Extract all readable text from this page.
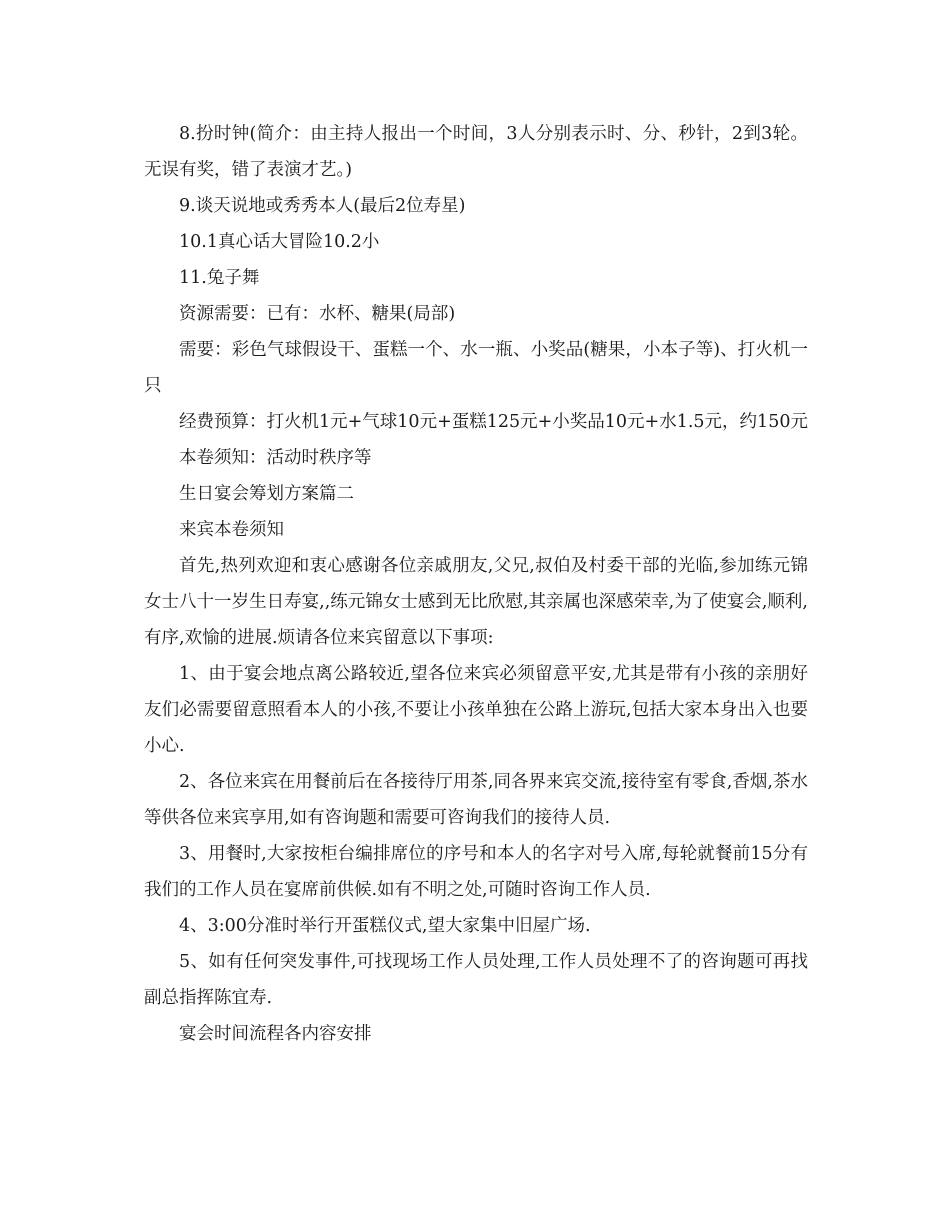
8.扮时钟(简介：由主持人报出一个时间，3人分别表示时、分、秒针，2到3轮。无误有奖，错了表演才艺。)

9.谈天说地或秀秀本人(最后2位寿星)

10.1真心话大冒险10.2小

11.兔子舞

资源需要：已有：水杯、糖果(局部)

需要：彩色气球假设干、蛋糕一个、水一瓶、小奖品(糖果，小本子等)、打火机一只

经费预算：打火机1元+气球10元+蛋糕125元+小奖品10元+水1.5元，约150元

本卷须知：活动时秩序等

生日宴会筹划方案篇二

来宾本卷须知

首先,热列欢迎和衷心感谢各位亲戚朋友,父兄,叔伯及村委干部的光临,参加练元锦女士八十一岁生日寿宴,,练元锦女士感到无比欣慰,其亲属也深感荣幸,为了使宴会,顺利,有序,欢愉的进展.烦请各位来宾留意以下事项:

1、由于宴会地点离公路较近,望各位来宾必须留意平安,尤其是带有小孩的亲朋好友们必需要留意照看本人的小孩,不要让小孩单独在公路上游玩,包括大家本身出入也要小心.

2、各位来宾在用餐前后在各接待厅用茶,同各界来宾交流,接待室有零食,香烟,茶水等供各位来宾享用,如有咨询题和需要可咨询我们的接待人员.

3、用餐时,大家按柜台编排席位的序号和本人的名字对号入席,每轮就餐前15分有我们的工作人员在宴席前供候.如有不明之处,可随时咨询工作人员.

4、3:00分准时举行开蛋糕仪式,望大家集中旧屋广场.

5、如有任何突发事件,可找现场工作人员处理,工作人员处理不了的咨询题可再找副总指挥陈宜寿.

宴会时间流程各内容安排
